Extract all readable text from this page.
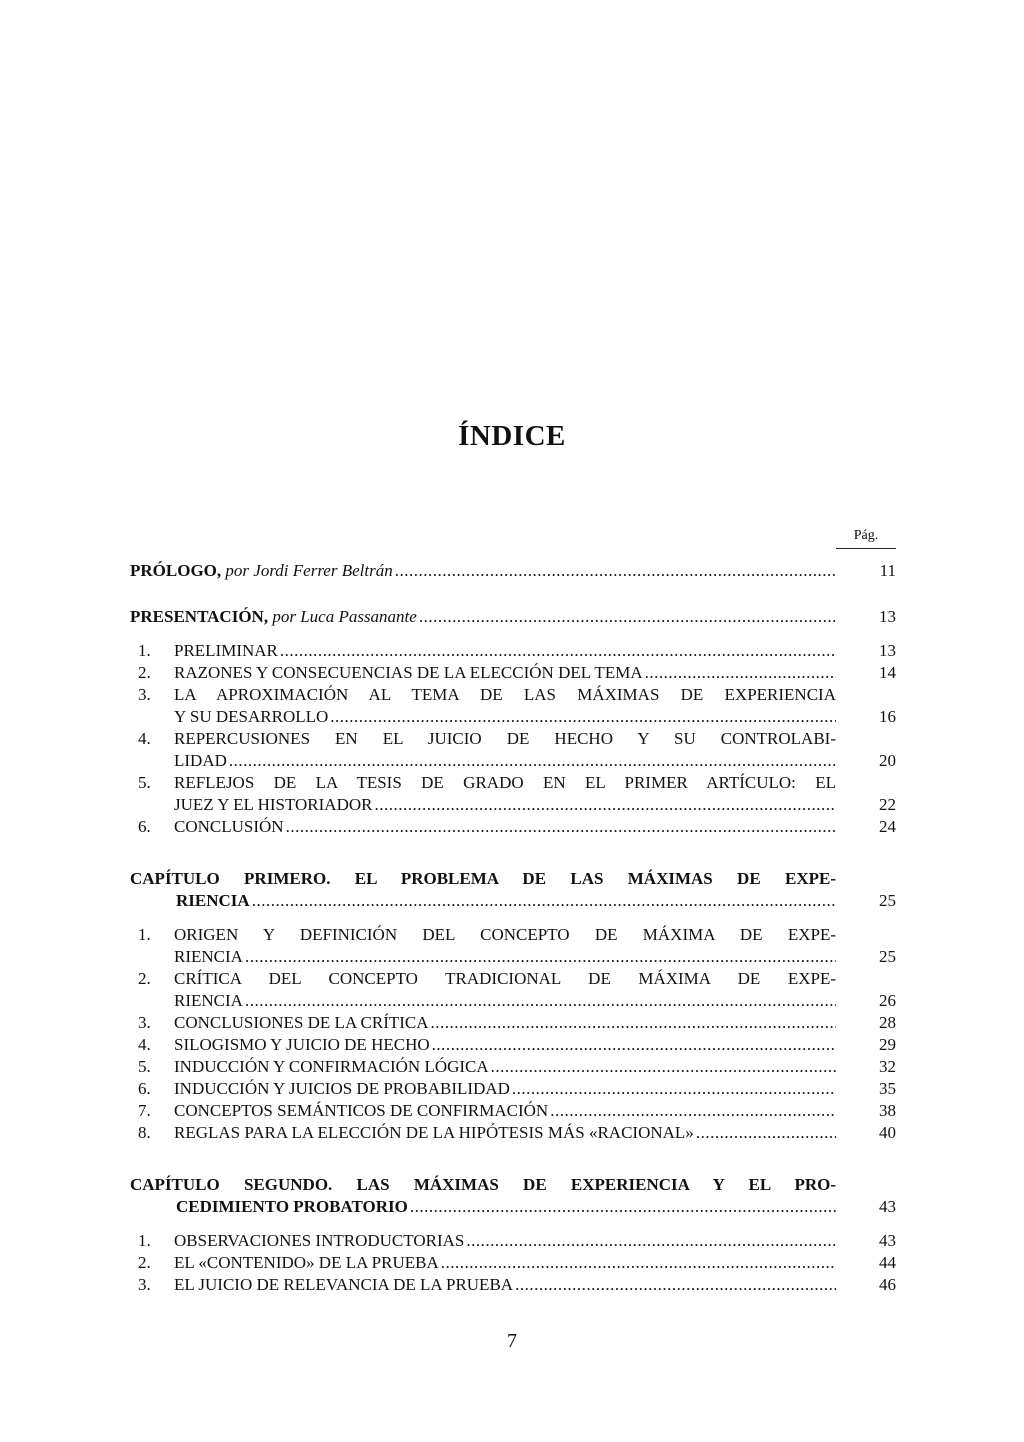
ÍNDICE
Pág.
PRÓLOGO, por Jordi Ferrer Beltrán .....	11
PRESENTACIÓN, por Luca Passanante .....	13
1.	PRELIMINAR .....	13
2.	RAZONES Y CONSECUENCIAS DE LA ELECCIÓN DEL TEMA .....	14
3.	LA APROXIMACIÓN AL TEMA DE LAS MÁXIMAS DE EXPERIENCIA
Y SU DESARROLLO .....	16
4.	REPERCUSIONES EN EL JUICIO DE HECHO Y SU CONTROLABI-
LIDAD .....	20
5.	REFLEJOS DE LA TESIS DE GRADO EN EL PRIMER ARTÍCULO: EL
JUEZ Y EL HISTORIADOR .....	22
6.	CONCLUSIÓN .....	24
CAPÍTULO PRIMERO. EL PROBLEMA DE LAS MÁXIMAS DE EXPE-
RIENCIA .....	25
1.	ORIGEN Y DEFINICIÓN DEL CONCEPTO DE MÁXIMA DE EXPE-
RIENCIA .....	25
2.	CRÍTICA DEL CONCEPTO TRADICIONAL DE MÁXIMA DE EXPE-
RIENCIA .....	26
3.	CONCLUSIONES DE LA CRÍTICA .....	28
4.	SILOGISMO Y JUICIO DE HECHO .....	29
5.	INDUCCIÓN Y CONFIRMACIÓN LÓGICA .....	32
6.	INDUCCIÓN Y JUICIOS DE PROBABILIDAD .....	35
7.	CONCEPTOS SEMÁNTICOS DE CONFIRMACIÓN .....	38
8.	REGLAS PARA LA ELECCIÓN DE LA HIPÓTESIS MÁS «RACIONAL» .....	40
CAPÍTULO SEGUNDO. LAS MÁXIMAS DE EXPERIENCIA Y EL PRO-
CEDIMIENTO PROBATORIO .....	43
1.	OBSERVACIONES INTRODUCTORIAS .....	43
2.	EL «CONTENIDO» DE LA PRUEBA .....	44
3.	EL JUICIO DE RELEVANCIA DE LA PRUEBA .....	46
7
